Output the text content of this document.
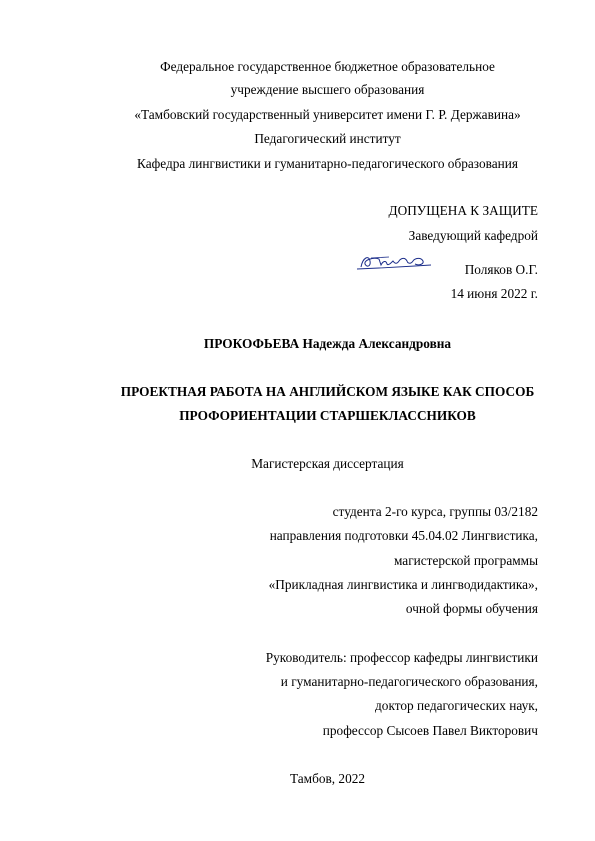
Федеральное государственное бюджетное образовательное
учреждение высшего образования
«Тамбовский государственный университет имени Г. Р. Державина»
Педагогический институт
Кафедра лингвистики и гуманитарно-педагогического образования
ДОПУЩЕНА К ЗАЩИТЕ
Заведующий кафедрой
Поляков О.Г.
14 июня 2022 г.
ПРОКОФЬЕВА Надежда Александровна
ПРОЕКТНАЯ РАБОТА НА АНГЛИЙСКОМ ЯЗЫКЕ КАК СПОСОБ
ПРОФОРИЕНТАЦИИ СТАРШЕКЛАССНИКОВ
Магистерская диссертация
студента 2-го курса, группы 03/2182
направления подготовки 45.04.02 Лингвистика,
магистерской программы
«Прикладная лингвистика и лингводидактика»,
очной формы обучения
Руководитель: профессор кафедры лингвистики
и гуманитарно-педагогического образования,
доктор педагогических наук,
профессор Сысоев Павел Викторович
Тамбов, 2022
